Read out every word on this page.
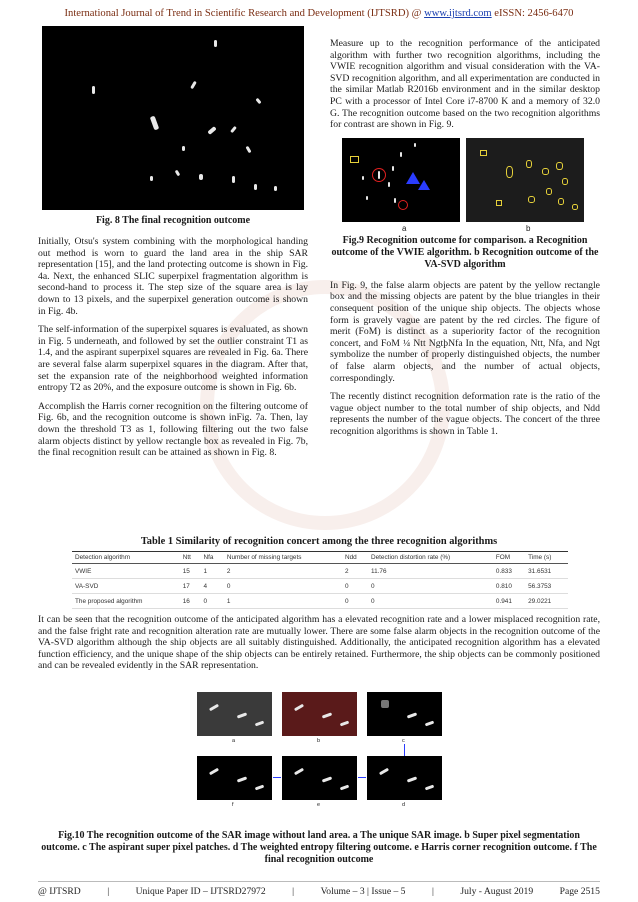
International Journal of Trend in Scientific Research and Development (IJTSRD) @ www.ijtsrd.com eISSN: 2456-6470
Fig. 8 The final recognition outcome

Initially, Otsu's system combining with the morphological handing out method is worn to guard the land area in the ship SAR representation [15], and the land protecting outcome is shown in Fig. 4a. Next, the enhanced SLIC superpixel fragmentation algorithm is second-hand to process it. The step size of the square area is lay down to 13 pixels, and the superpixel generation outcome is shown in Fig. 4b.

The self-information of the superpixel squares is evaluated, as shown in Fig. 5 underneath, and followed by set the outlier constraint T1 as 1.4, and the aspirant superpixel squares are revealed in Fig. 6a. There are several false alarm superpixel squares in the diagram. After that, set the expansion rate of the neighborhood weighted information entropy T2 as 20%, and the exposure outcome is shown in Fig. 6b.

Accomplish the Harris corner recognition on the filtering outcome of Fig. 6b, and the recognition outcome is shown inFig. 7a. Then, lay down the threshold T3 as 1, following filtering out the two false alarm objects distinct by yellow rectangle box as revealed in Fig. 7b, the final recognition result can be attained as shown in Fig. 8.

Measure up to the recognition performance of the anticipated algorithm with further two recognition algorithms, including the VWIE recognition algorithm and visual consideration with the VA-SVD recognition algorithm, and all experimentation are conducted in the similar Matlab R2016b environment and in the similar desktop PC with a processor of Intel Core i7-8700 K and a memory of 32.0 G. The recognition outcome based on the two recognition algorithms for contrast are shown in Fig. 9.

a	b
Fig.9 Recognition outcome for comparison. a Recognition outcome of the VWIE algorithm. b Recognition outcome of the VA-SVD algorithm

In Fig. 9, the false alarm objects are patent by the yellow rectangle box and the missing objects are patent by the blue triangles in their consequent position of the unique ship objects. The objects whose form is gravely vague are patent by the red circles. The figure of merit (FoM) is distinct as a superiority factor of the recognition concert, and FoM ¼ Ntt NgtþNfa In the equation, Ntt, Nfa, and Ngt symbolize the number of properly distinguished objects, the number of false alarm objects, and the number of actual objects, correspondingly.

The recently distinct recognition deformation rate is the ratio of the vague object number to the total number of ship objects, and Ndd represents the number of the vague objects. The concert of the three recognition algorithms is shown in Table 1.

Table 1 Similarity of recognition concert among the three recognition algorithms
Detection algorithm	Ntt	Nfa	Number of missing targets	Ndd	Detection distortion rate (%)	FOM	Time (s)
VWIE	15	1	2	2	11.76	0.833	31.6531
VA-SVD	17	4	0	0	0	0.810	56.3753
The proposed algorithm	16	0	1	0	0	0.941	29.0221

It can be seen that the recognition outcome of the anticipated algorithm has a elevated recognition rate and a lower misplaced recognition rate, and the false fright rate and recognition alteration rate are mutually lower. There are some false alarm objects in the recognition outcome of the VA-SVD algorithm although the ship objects are all suitably distinguished. Additionally, the anticipated recognition algorithm has a elevated function efficiency, and the unique shape of the ship objects can be entirely retained. Furthermore, the ship objects can be commonly positioned and can be revealed evidently in the SAR representation.

a	b	c
f	e	d
Fig.10 The recognition outcome of the SAR image without land area. a The unique SAR image. b Super pixel segmentation outcome. c The aspirant super pixel patches. d The weighted entropy filtering outcome. e Harris corner recognition outcome. f The final recognition outcome
@ IJTSRD	|	Unique Paper ID – IJTSRD27972	|	Volume – 3 | Issue – 5	|	July - August 2019	Page 2515
